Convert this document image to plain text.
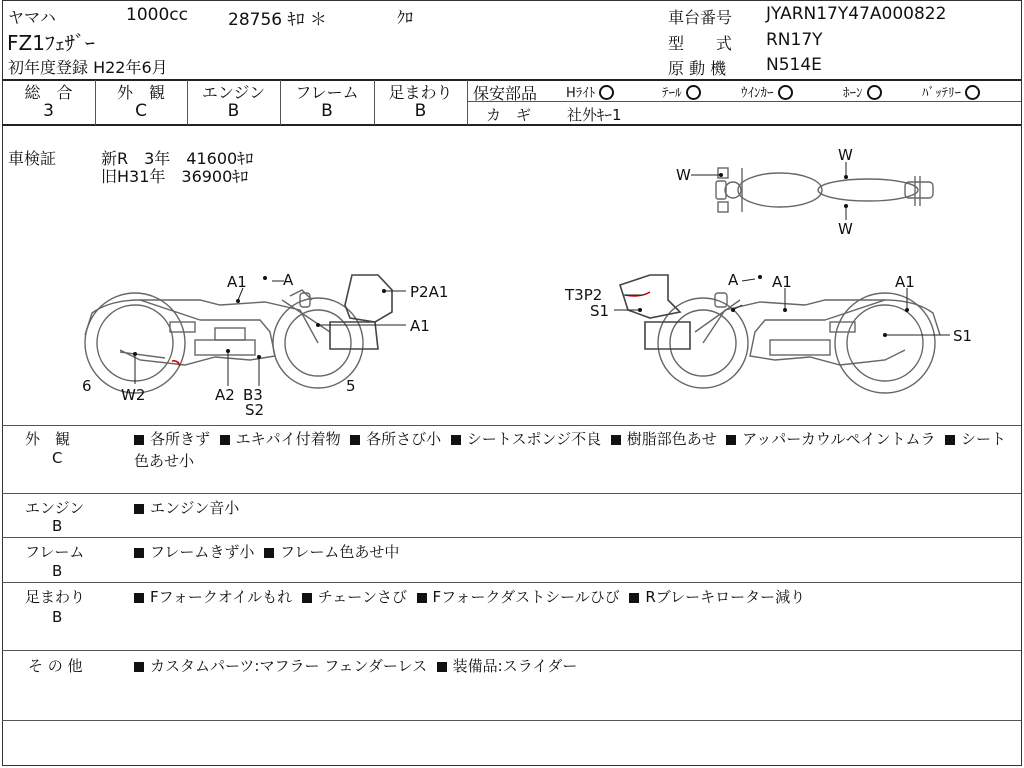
ヤマハ	1000cc 28756 ｷﾛ ＊	ｸﾛ
FZ1ﾌｪｻﾞｰ
初年度登録 H22年6月
車台番号 JYARN17Y47A000822
型　　式 RN17Y
原 動 機 N514E
総　合
3
外　観
C
エンジン
B
フレーム
B
足まわり
B
保安部品 Hﾗｲﾄ	ﾃｰﾙ	ｳｲﾝｶｰ	ﾎｰﾝ	ﾊﾞｯﾃﾘｰ
カ　ギ 社外ｷｰ1
車検証	新R　3年　41600ｷﾛ
旧H31年　36900ｷﾛ	W
W
W
A1 A
P2A1
A1
6 W2	A2 B3
S2
5
T3P2
S1
A A1	A1
S1
外　観
C
各所きず エキパイ付着物 各所さび小 シートスポンジ不良 樹脂部色あせ アッパーカウルペイントムラ シート色あせ小
エンジン
B
エンジン音小
フレーム
B
フレームきず小 フレーム色あせ中
足まわり
B
Fフォークオイルもれ チェーンさび Fフォークダストシールひび Rブレーキローター減り
そ の 他	カスタムパーツ:マフラー フェンダーレス 装備品:スライダー
